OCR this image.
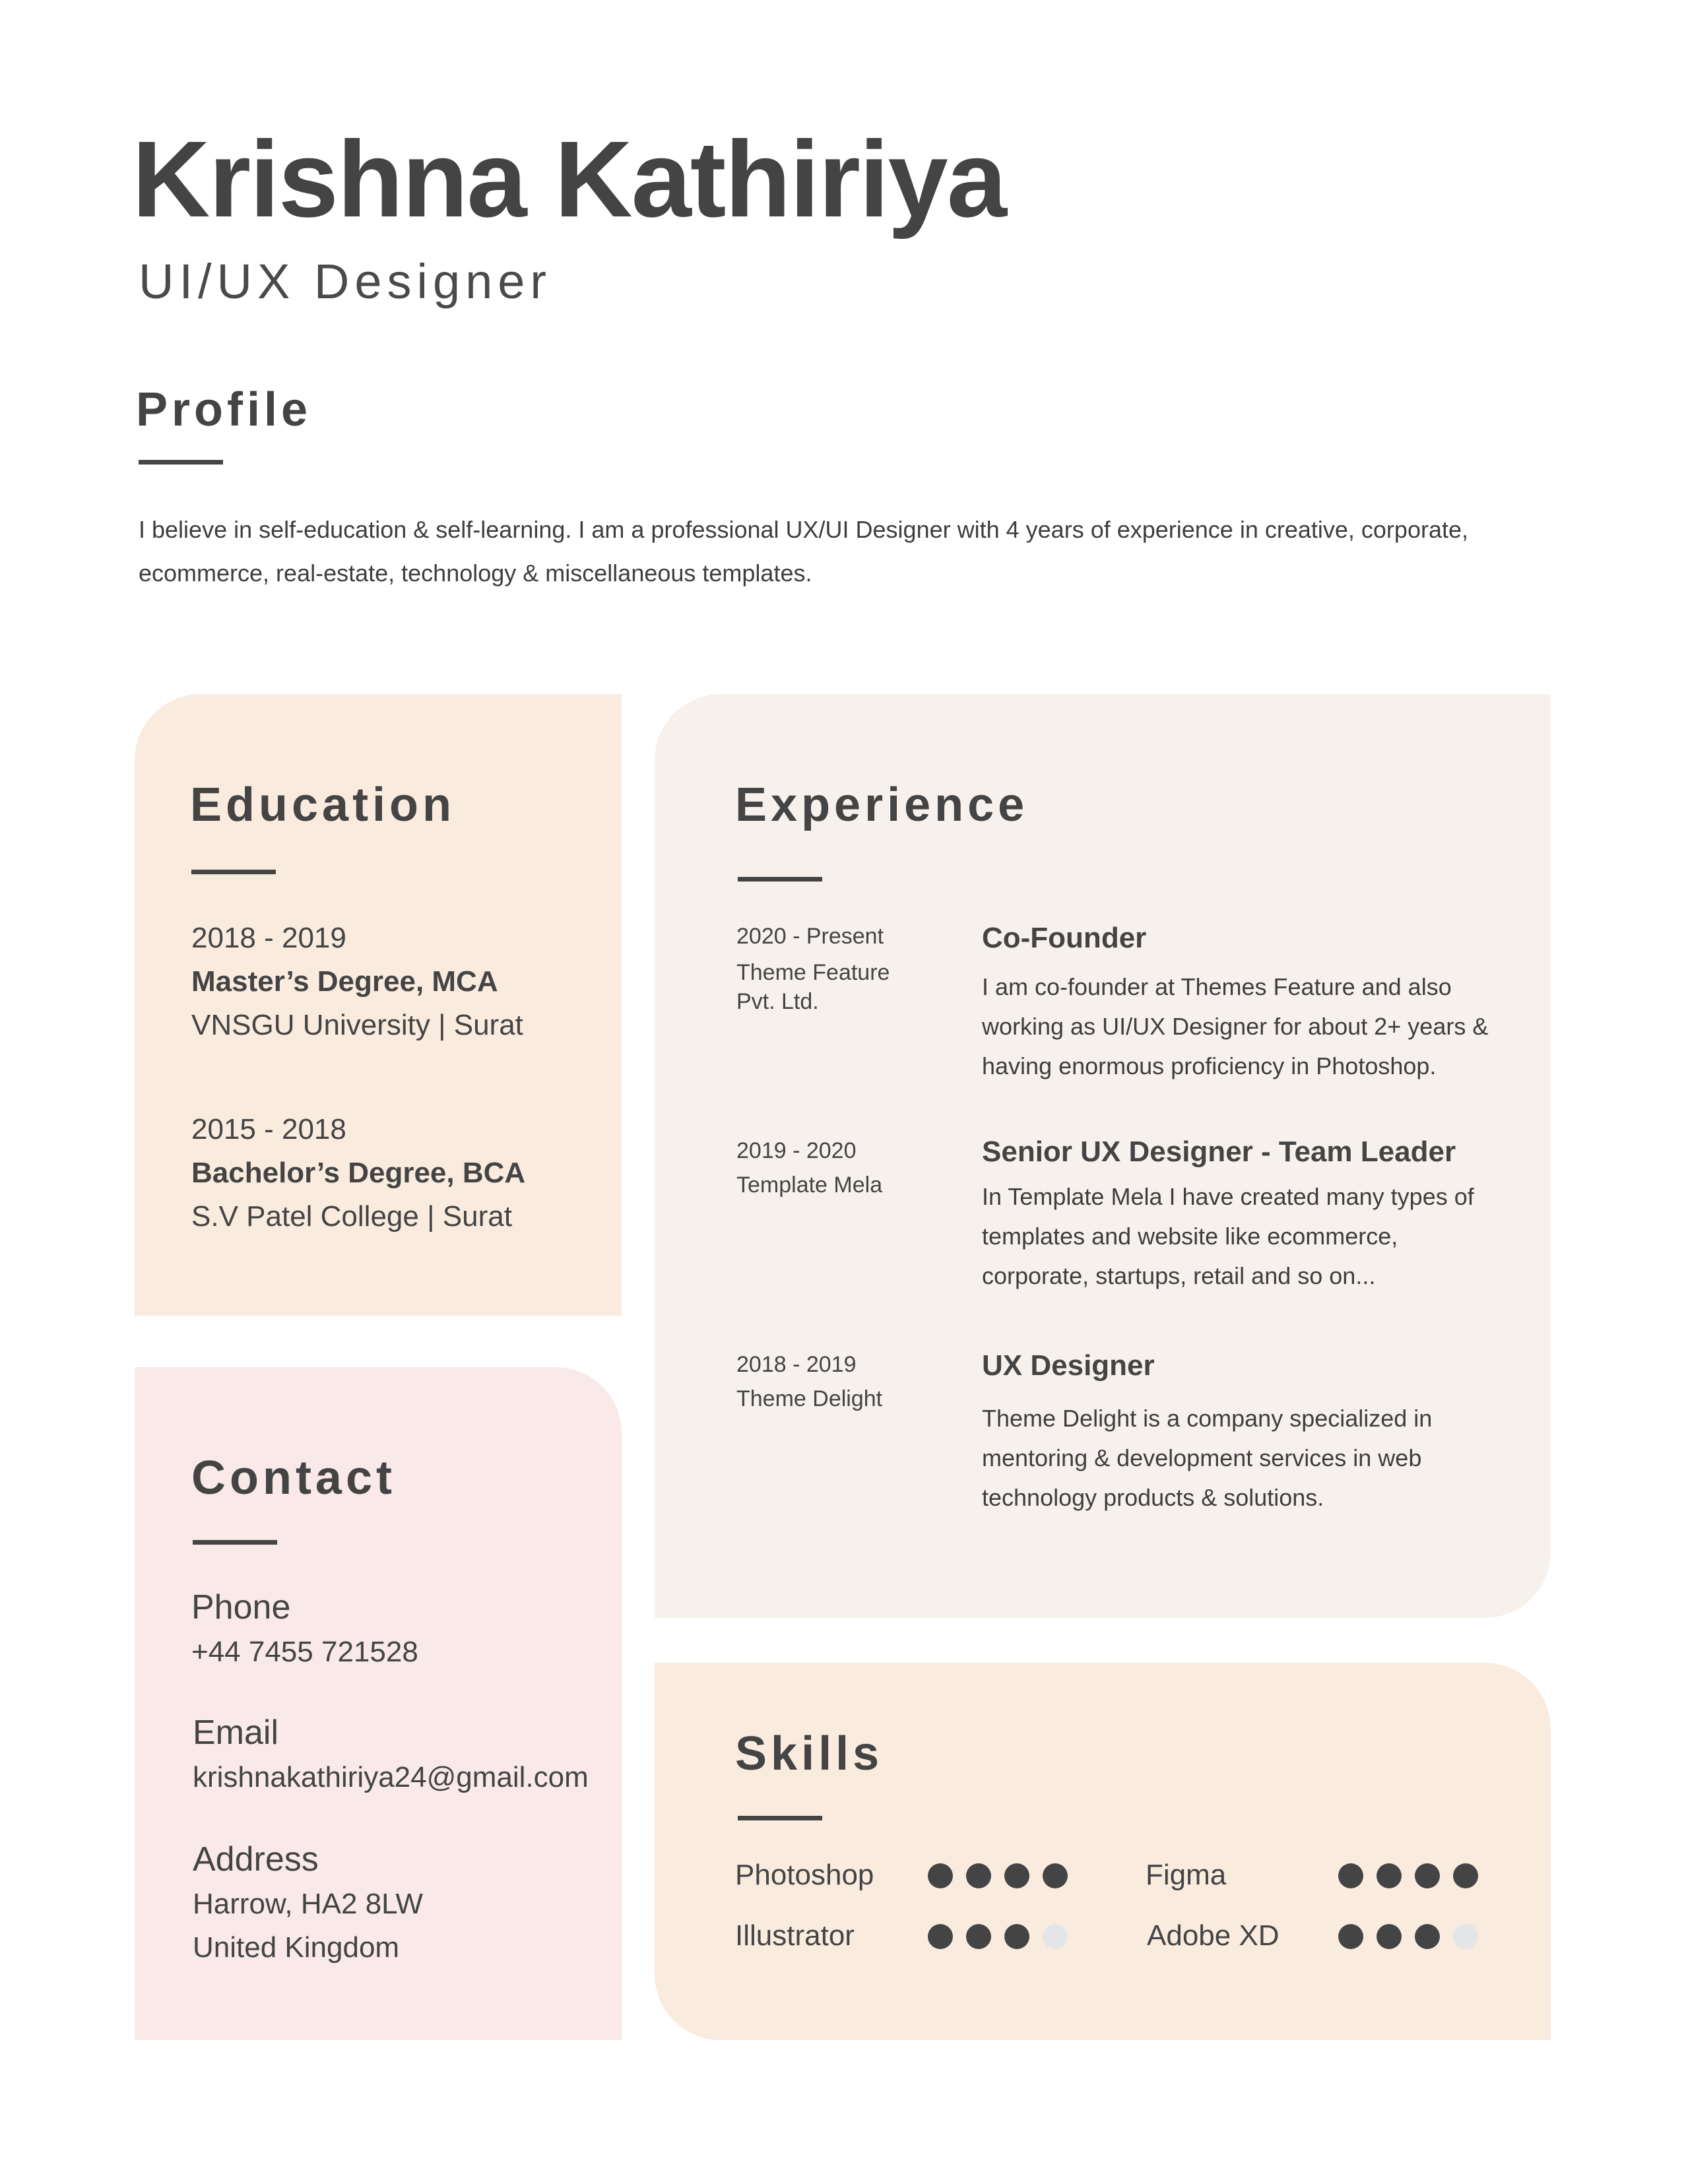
Krishna Kathiriya
UI/UX Designer
Profile
I believe in self-education & self-learning. I am a professional UX/UI Designer with 4 years of experience in creative, corporate, ecommerce, real-estate, technology & miscellaneous templates.
Education
2018 - 2019
Master’s Degree, MCA
VNSGU University | Surat
2015 - 2018
Bachelor’s Degree, BCA
S.V Patel College | Surat
Contact
Phone
+44 7455 721528
Email
krishnakathiriya24@gmail.com
Address
Harrow, HA2 8LW
United Kingdom
Experience
2020 - Present
Theme Feature Pvt. Ltd.
Co-Founder
I am co-founder at Themes Feature and also working as UI/UX Designer for about 2+ years & having enormous proficiency in Photoshop.
2019 - 2020
Template Mela
Senior UX Designer - Team Leader
In Template Mela I have created many types of templates and website like ecommerce, corporate, startups, retail and so on...
2018 - 2019
Theme Delight
UX Designer
Theme Delight is a company specialized in mentoring & development services in web technology products & solutions.
Skills
Photoshop	Figma
Illustrator	Adobe XD
